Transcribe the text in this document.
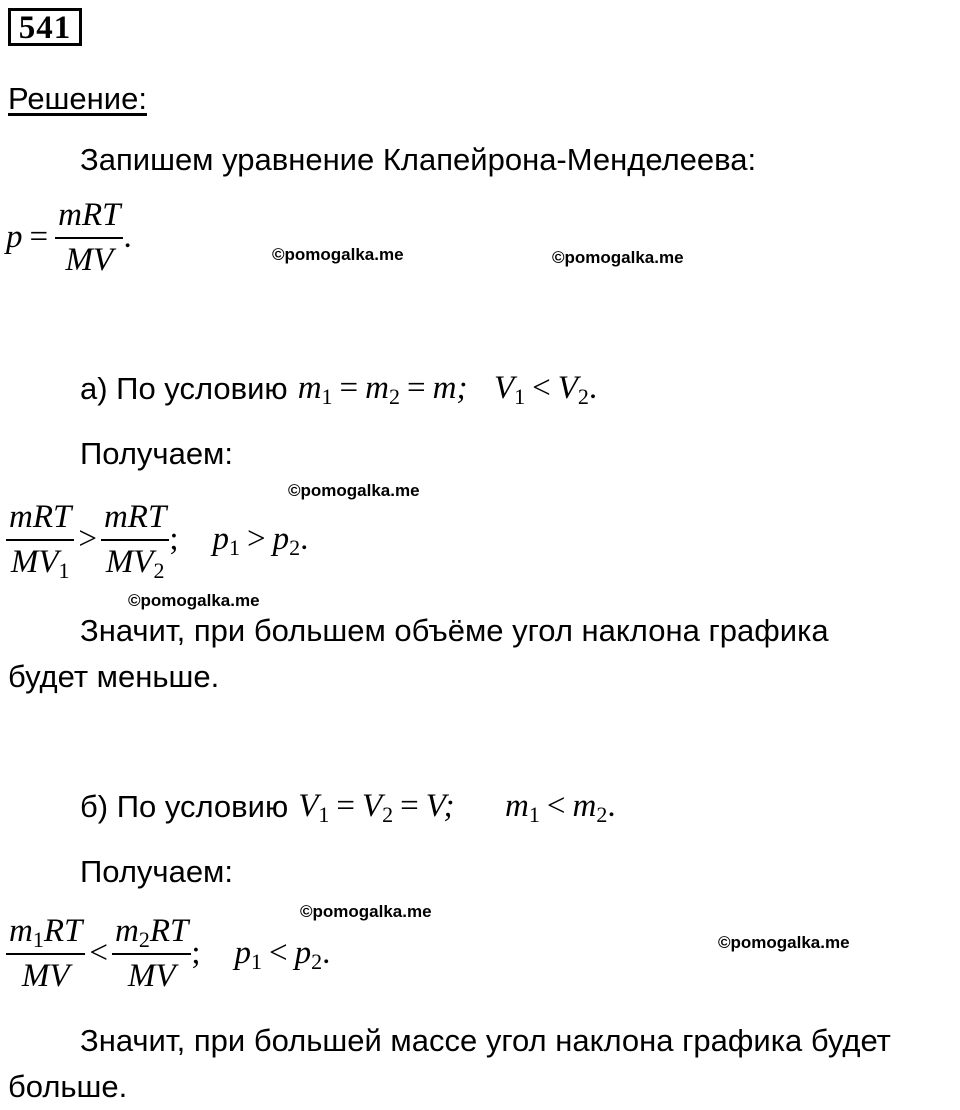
541
Решение:
Запишем уравнение Клапейрона-Менделеева:
$p = \frac{\text{mRT}}{MV}$ .	©pomogalka.me	©pomogalka.me
а) По условию $m_1 = m_2 = m$; $V_1 < V_2$.
Получаем:
©pomogalka.me
$\frac{\text{mRT}}{MV_1} > \frac{\text{mRT}}{MV_2}$ ; $p_1 > p_2$.
©pomogalka.me
Значит, при большем объёме угол наклона графика будет меньше.
б) По условию $V_1 = V_2 = V$; $m_1 < m_2$.
Получаем:
©pomogalka.me
$\frac{m_1RT}{MV} < \frac{m_2RT}{MV}$ ; $p_1 < p_2$.	©pomogalka.me
Значит, при большей массе угол наклона графика будет больше.
